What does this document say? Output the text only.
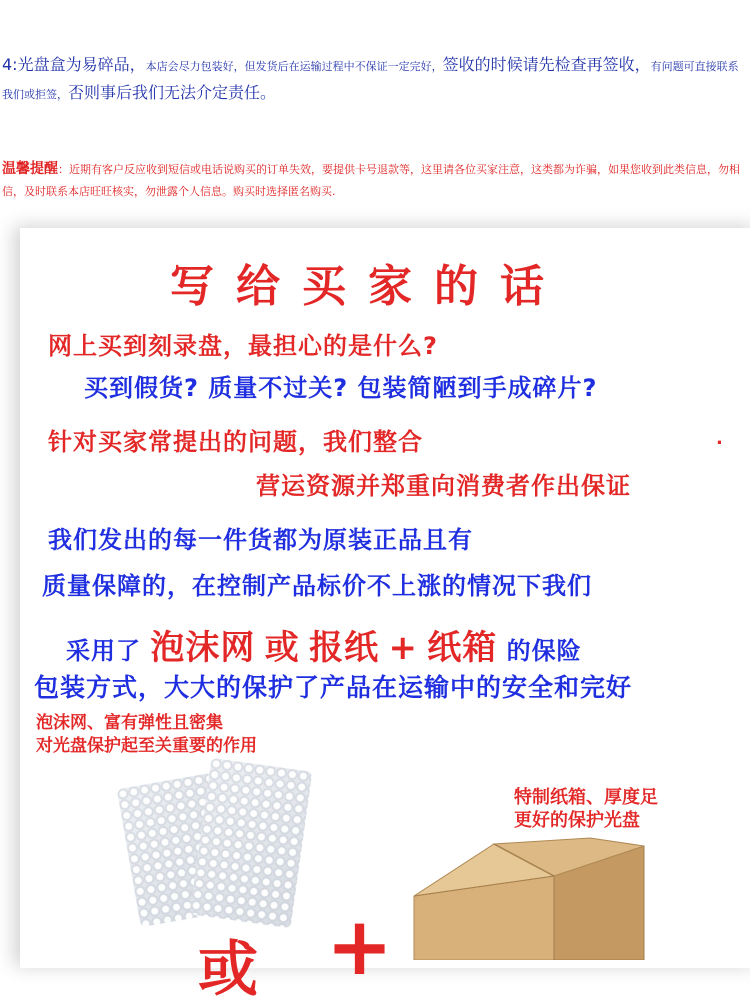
4:光盘盒为易碎品，本店会尽力包装好，但发货后在运输过程中不保证一定完好，签收的时候请先检查再签收，有问题可直接联系我们或拒签，否则事后我们无法介定责任。
温馨提醒：近期有客户反应收到短信或电话说购买的订单失效，要提供卡号退款等，这里请各位买家注意，这类都为诈骗，如果您收到此类信息，勿相信，及时联系本店旺旺核实，勿泄露个人信息。购买时选择匿名购买.
写给买家的话
网上买到刻录盘，最担心的是什么?
买到假货? 质量不过关? 包装简陋到手成碎片?
针对买家常提出的问题，我们整合	.
营运资源并郑重向消费者作出保证
我们发出的每一件货都为原装正品且有
质量保障的，在控制产品标价不上涨的情况下我们
采用了 泡沫网 或 报纸 + 纸箱 的保险
包装方式，大大的保护了产品在运输中的安全和完好
泡沫网、富有弹性且密集
对光盘保护起至关重要的作用
特制纸箱、厚度足
更好的保护光盘
或 +
